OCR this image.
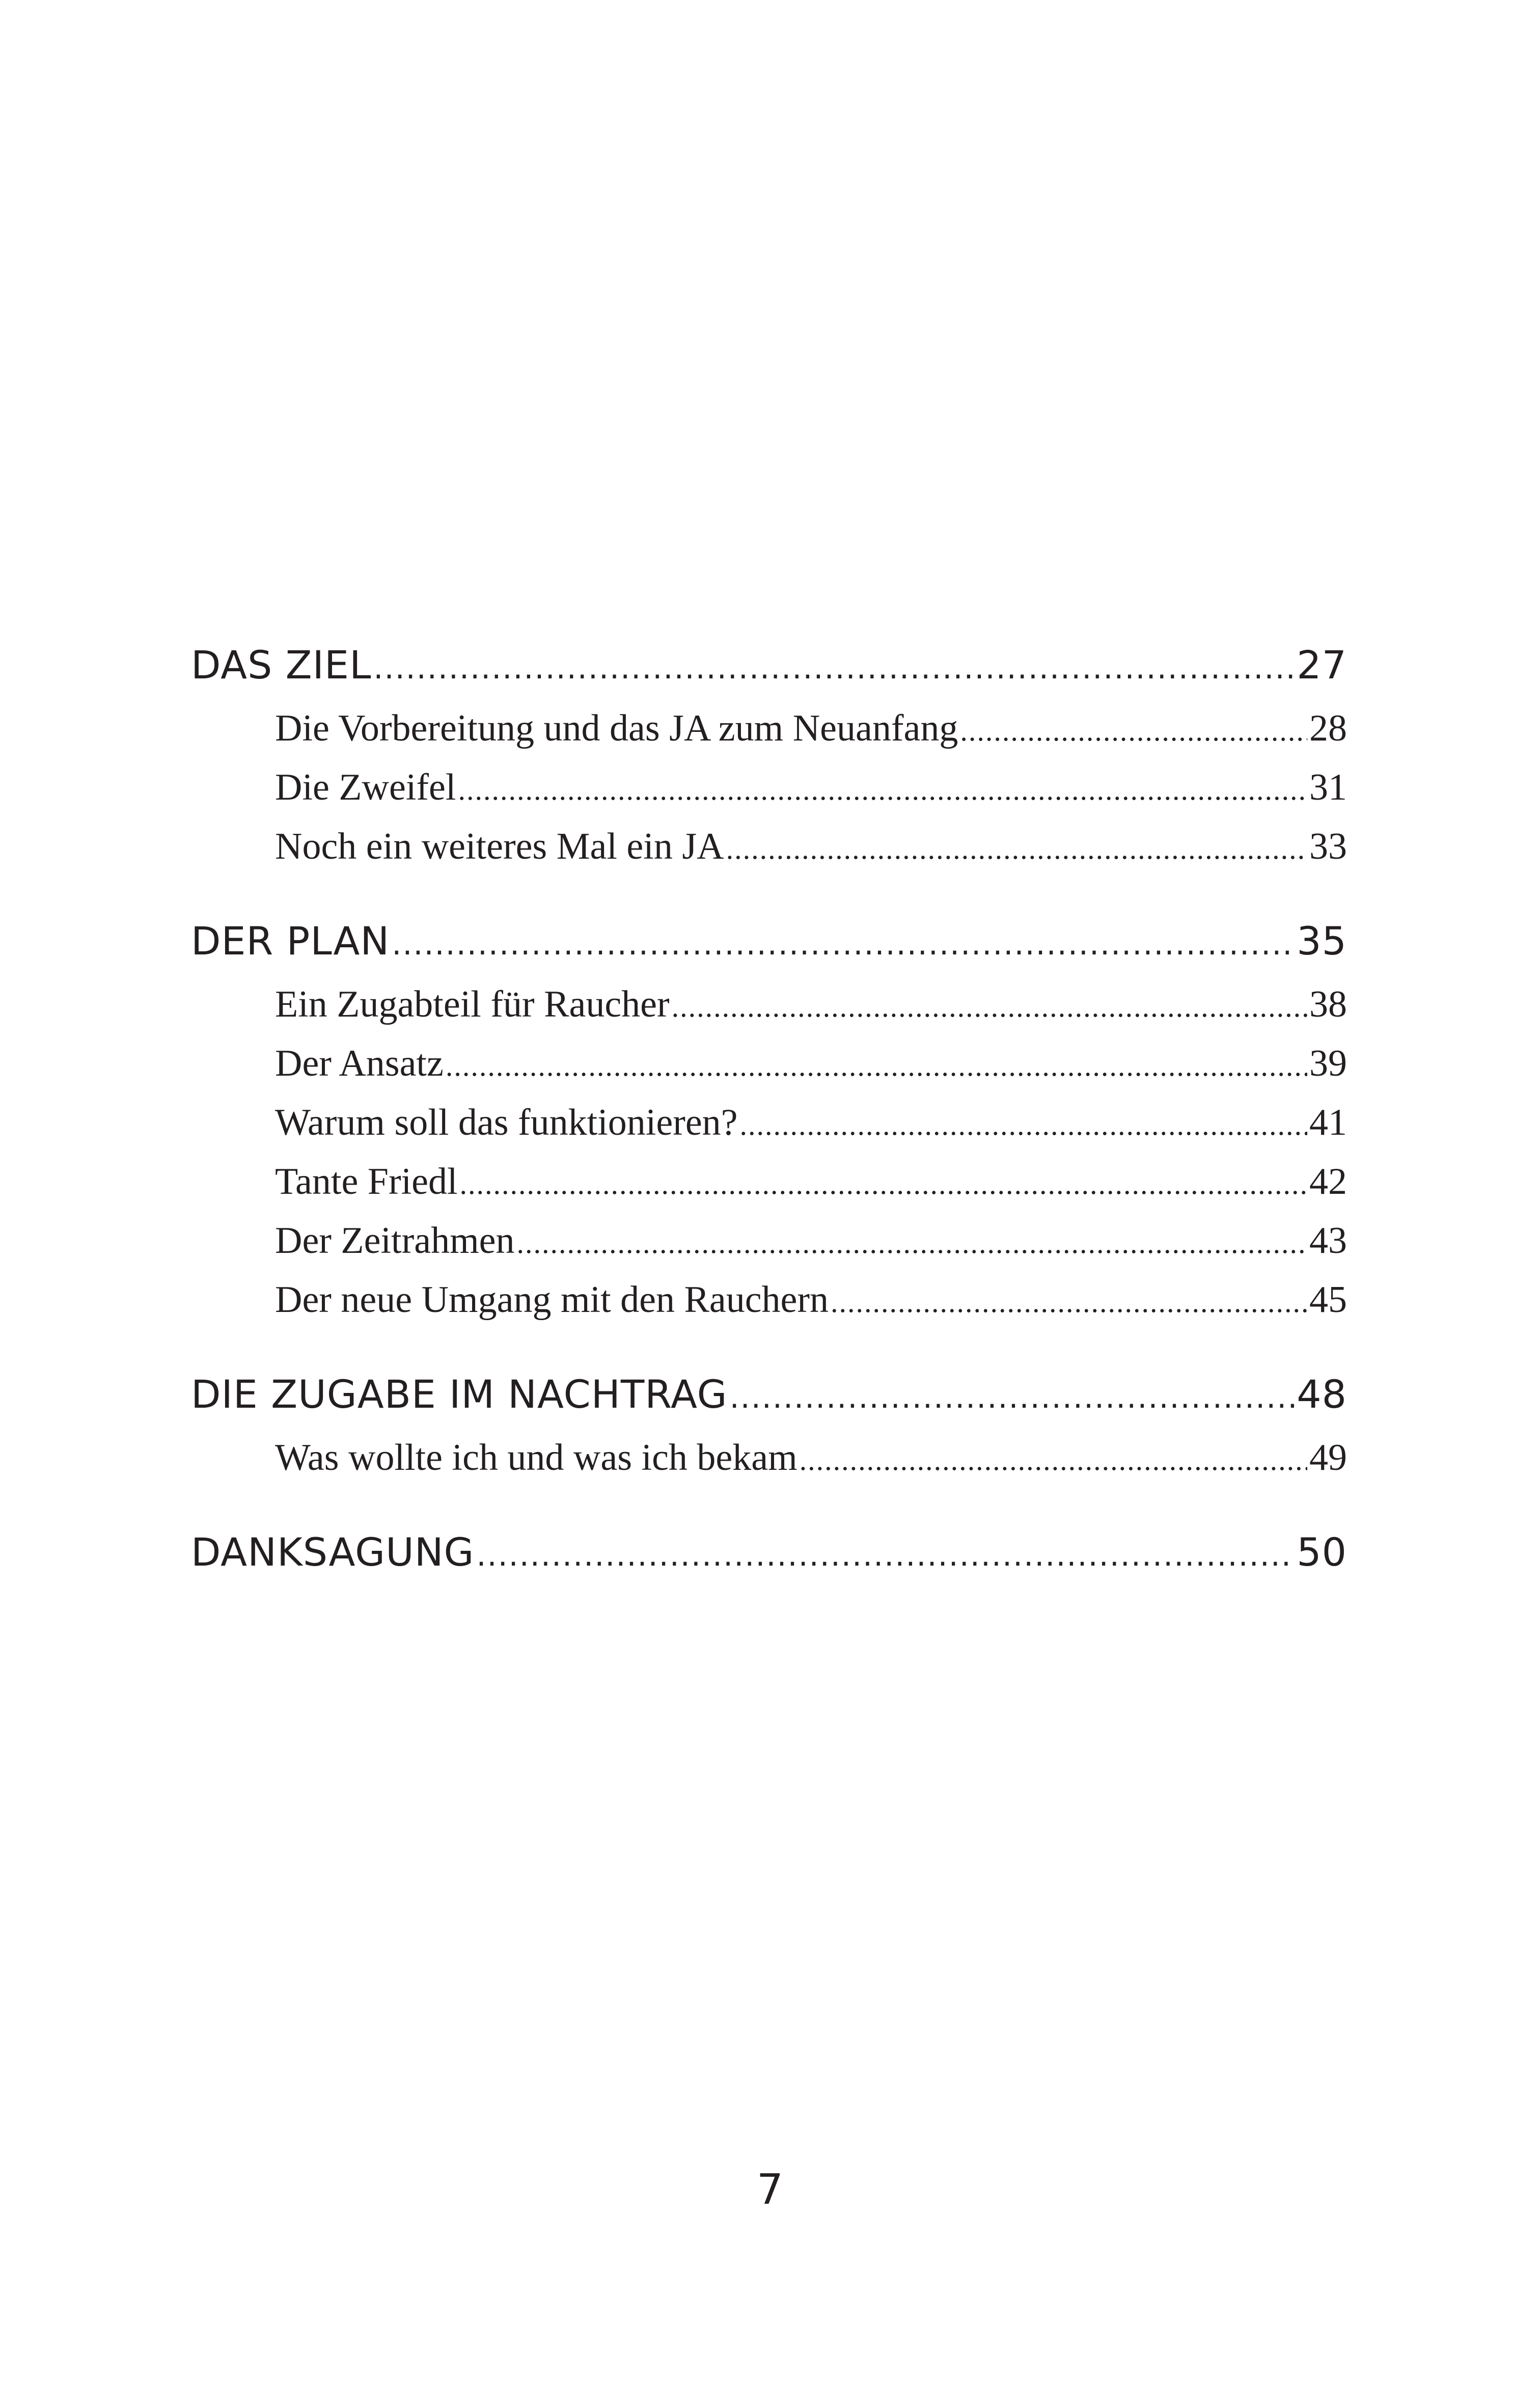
DAS ZIEL .....	27
Die Vorbereitung und das JA zum Neuanfang .....	28
Die Zweifel .....	31
Noch ein weiteres Mal ein JA .....	33
DER PLAN .....	35
Ein Zugabteil für Raucher .....	38
Der Ansatz .....	39
Warum soll das funktionieren? .....	41
Tante Friedl .....	42
Der Zeitrahmen .....	43
Der neue Umgang mit den Rauchern .....	45
DIE ZUGABE IM NACHTRAG .....	48
Was wollte ich und was ich bekam .....	49
DANKSAGUNG .....	50
7
